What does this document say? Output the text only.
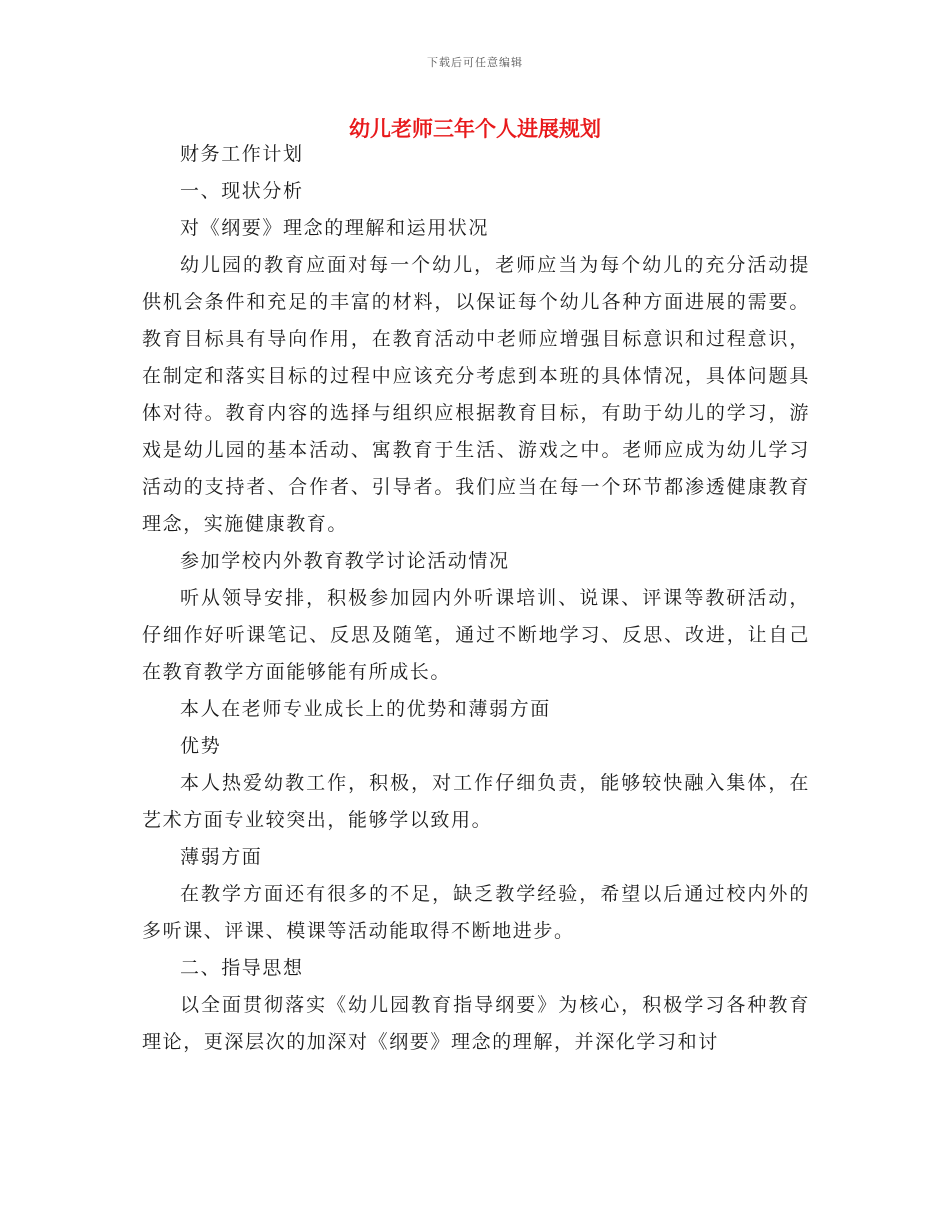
下载后可任意编辑
幼儿老师三年个人进展规划

财务工作计划

一、现状分析

对《纲要》理念的理解和运用状况

幼儿园的教育应面对每一个幼儿，老师应当为每个幼儿的充分活动提供机会条件和充足的丰富的材料，以保证每个幼儿各种方面进展的需要。教育目标具有导向作用，在教育活动中老师应增强目标意识和过程意识，在制定和落实目标的过程中应该充分考虑到本班的具体情况，具体问题具体对待。教育内容的选择与组织应根据教育目标，有助于幼儿的学习，游戏是幼儿园的基本活动、寓教育于生活、游戏之中。老师应成为幼儿学习活动的支持者、合作者、引导者。我们应当在每一个环节都渗透健康教育理念，实施健康教育。

参加学校内外教育教学讨论活动情况

听从领导安排，积极参加园内外听课培训、说课、评课等教研活动，仔细作好听课笔记、反思及随笔，通过不断地学习、反思、改进，让自己在教育教学方面能够能有所成长。

本人在老师专业成长上的优势和薄弱方面

优势

本人热爱幼教工作，积极，对工作仔细负责，能够较快融入集体，在艺术方面专业较突出，能够学以致用。

薄弱方面

在教学方面还有很多的不足，缺乏教学经验，希望以后通过校内外的多听课、评课、模课等活动能取得不断地进步。

二、指导思想

以全面贯彻落实《幼儿园教育指导纲要》为核心，积极学习各种教育理论，更深层次的加深对《纲要》理念的理解，并深化学习和讨
